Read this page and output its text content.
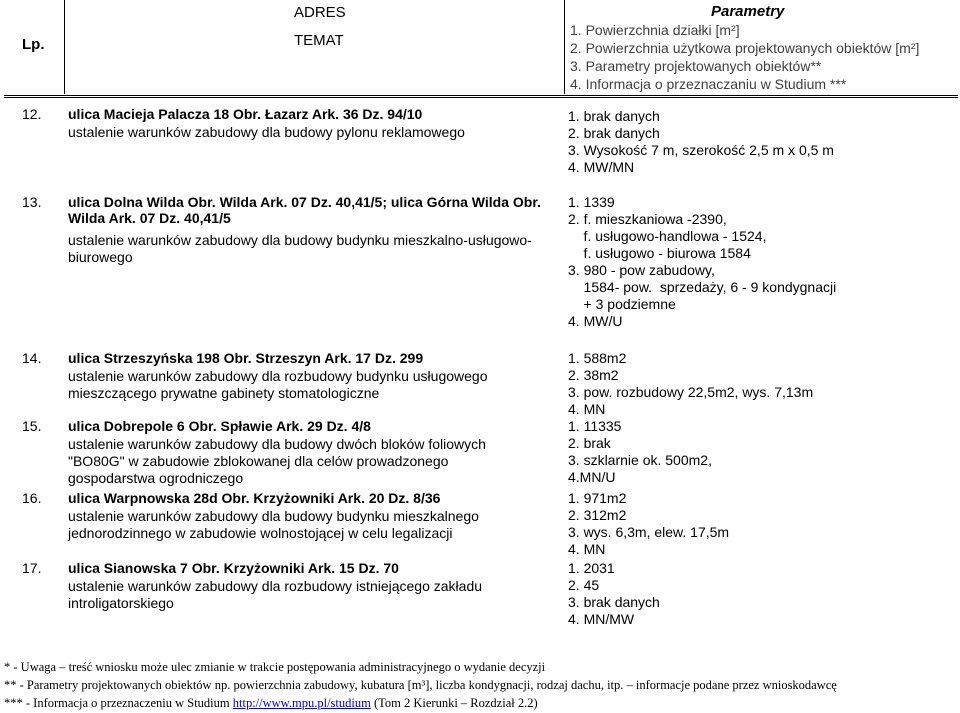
Lp.
ADRES
TEMAT
Parametry
1. Powierzchnia działki [m²]
2. Powierzchnia użytkowa projektowanych obiektów [m²]
3. Parametry projektowanych obiektów**
4. Informacja o przeznaczaniu w Studium ***
12. ulica Macieja Palacza 18 Obr. Łazarz Ark. 36 Dz. 94/10
ustalenie warunków zabudowy dla budowy pylonu reklamowego
1. brak danych
2. brak danych
3. Wysokość 7 m, szerokość 2,5 m x 0,5 m
4. MW/MN
13. ulica Dolna Wilda Obr. Wilda Ark. 07 Dz. 40,41/5; ulica Górna Wilda Obr. Wilda Ark. 07 Dz. 40,41/5
ustalenie warunków zabudowy dla budowy budynku mieszkalno-usługowo-biurowego
1. 1339
2. f. mieszkaniowa -2390,
f. usługowo-handlowa - 1524,
f. usługowo - biurowa 1584
3. 980 - pow zabudowy,
1584- pow.  sprzedaży, 6 - 9 kondygnacji
+ 3 podziemne
4. MW/U
14. ulica Strzeszyńska 198 Obr. Strzeszyn Ark. 17 Dz. 299
ustalenie warunków zabudowy dla rozbudowy budynku usługowego mieszczącego prywatne gabinety stomatologiczne
1. 588m2
2. 38m2
3. pow. rozbudowy 22,5m2, wys. 7,13m
4. MN
15. ulica Dobrepole 6 Obr. Spławie Ark. 29 Dz. 4/8
ustalenie warunków zabudowy dla budowy dwóch bloków foliowych "BO80G" w zabudowie zblokowanej dla celów prowadzonego gospodarstwa ogrodniczego
1. 11335
2. brak
3. szklarnie ok. 500m2,
4.MN/U
16. ulica Warpnowska 28d Obr. Krzyżowniki Ark. 20 Dz. 8/36
ustalenie warunków zabudowy dla budowy budynku mieszkalnego jednorodzinnego w zabudowie wolnostojącej w celu legalizacji
1. 971m2
2. 312m2
3. wys. 6,3m, elew. 17,5m
4. MN
17. ulica Sianowska 7 Obr. Krzyżowniki Ark. 15 Dz. 70
ustalenie warunków zabudowy dla rozbudowy istniejącego zakładu introligatorskiego
1. 2031
2. 45
3. brak danych
4. MN/MW
* - Uwaga – treść wniosku może ulec zmianie w trakcie postępowania administracyjnego o wydanie decyzji
** - Parametry projektowanych obiektów np. powierzchnia zabudowy, kubatura [m³], liczba kondygnacji, rodzaj dachu, itp. – informacje podane przez wnioskodawcę
*** - Informacja o przeznaczeniu w Studium http://www.mpu.pl/studium (Tom 2 Kierunki – Rozdział 2.2)
